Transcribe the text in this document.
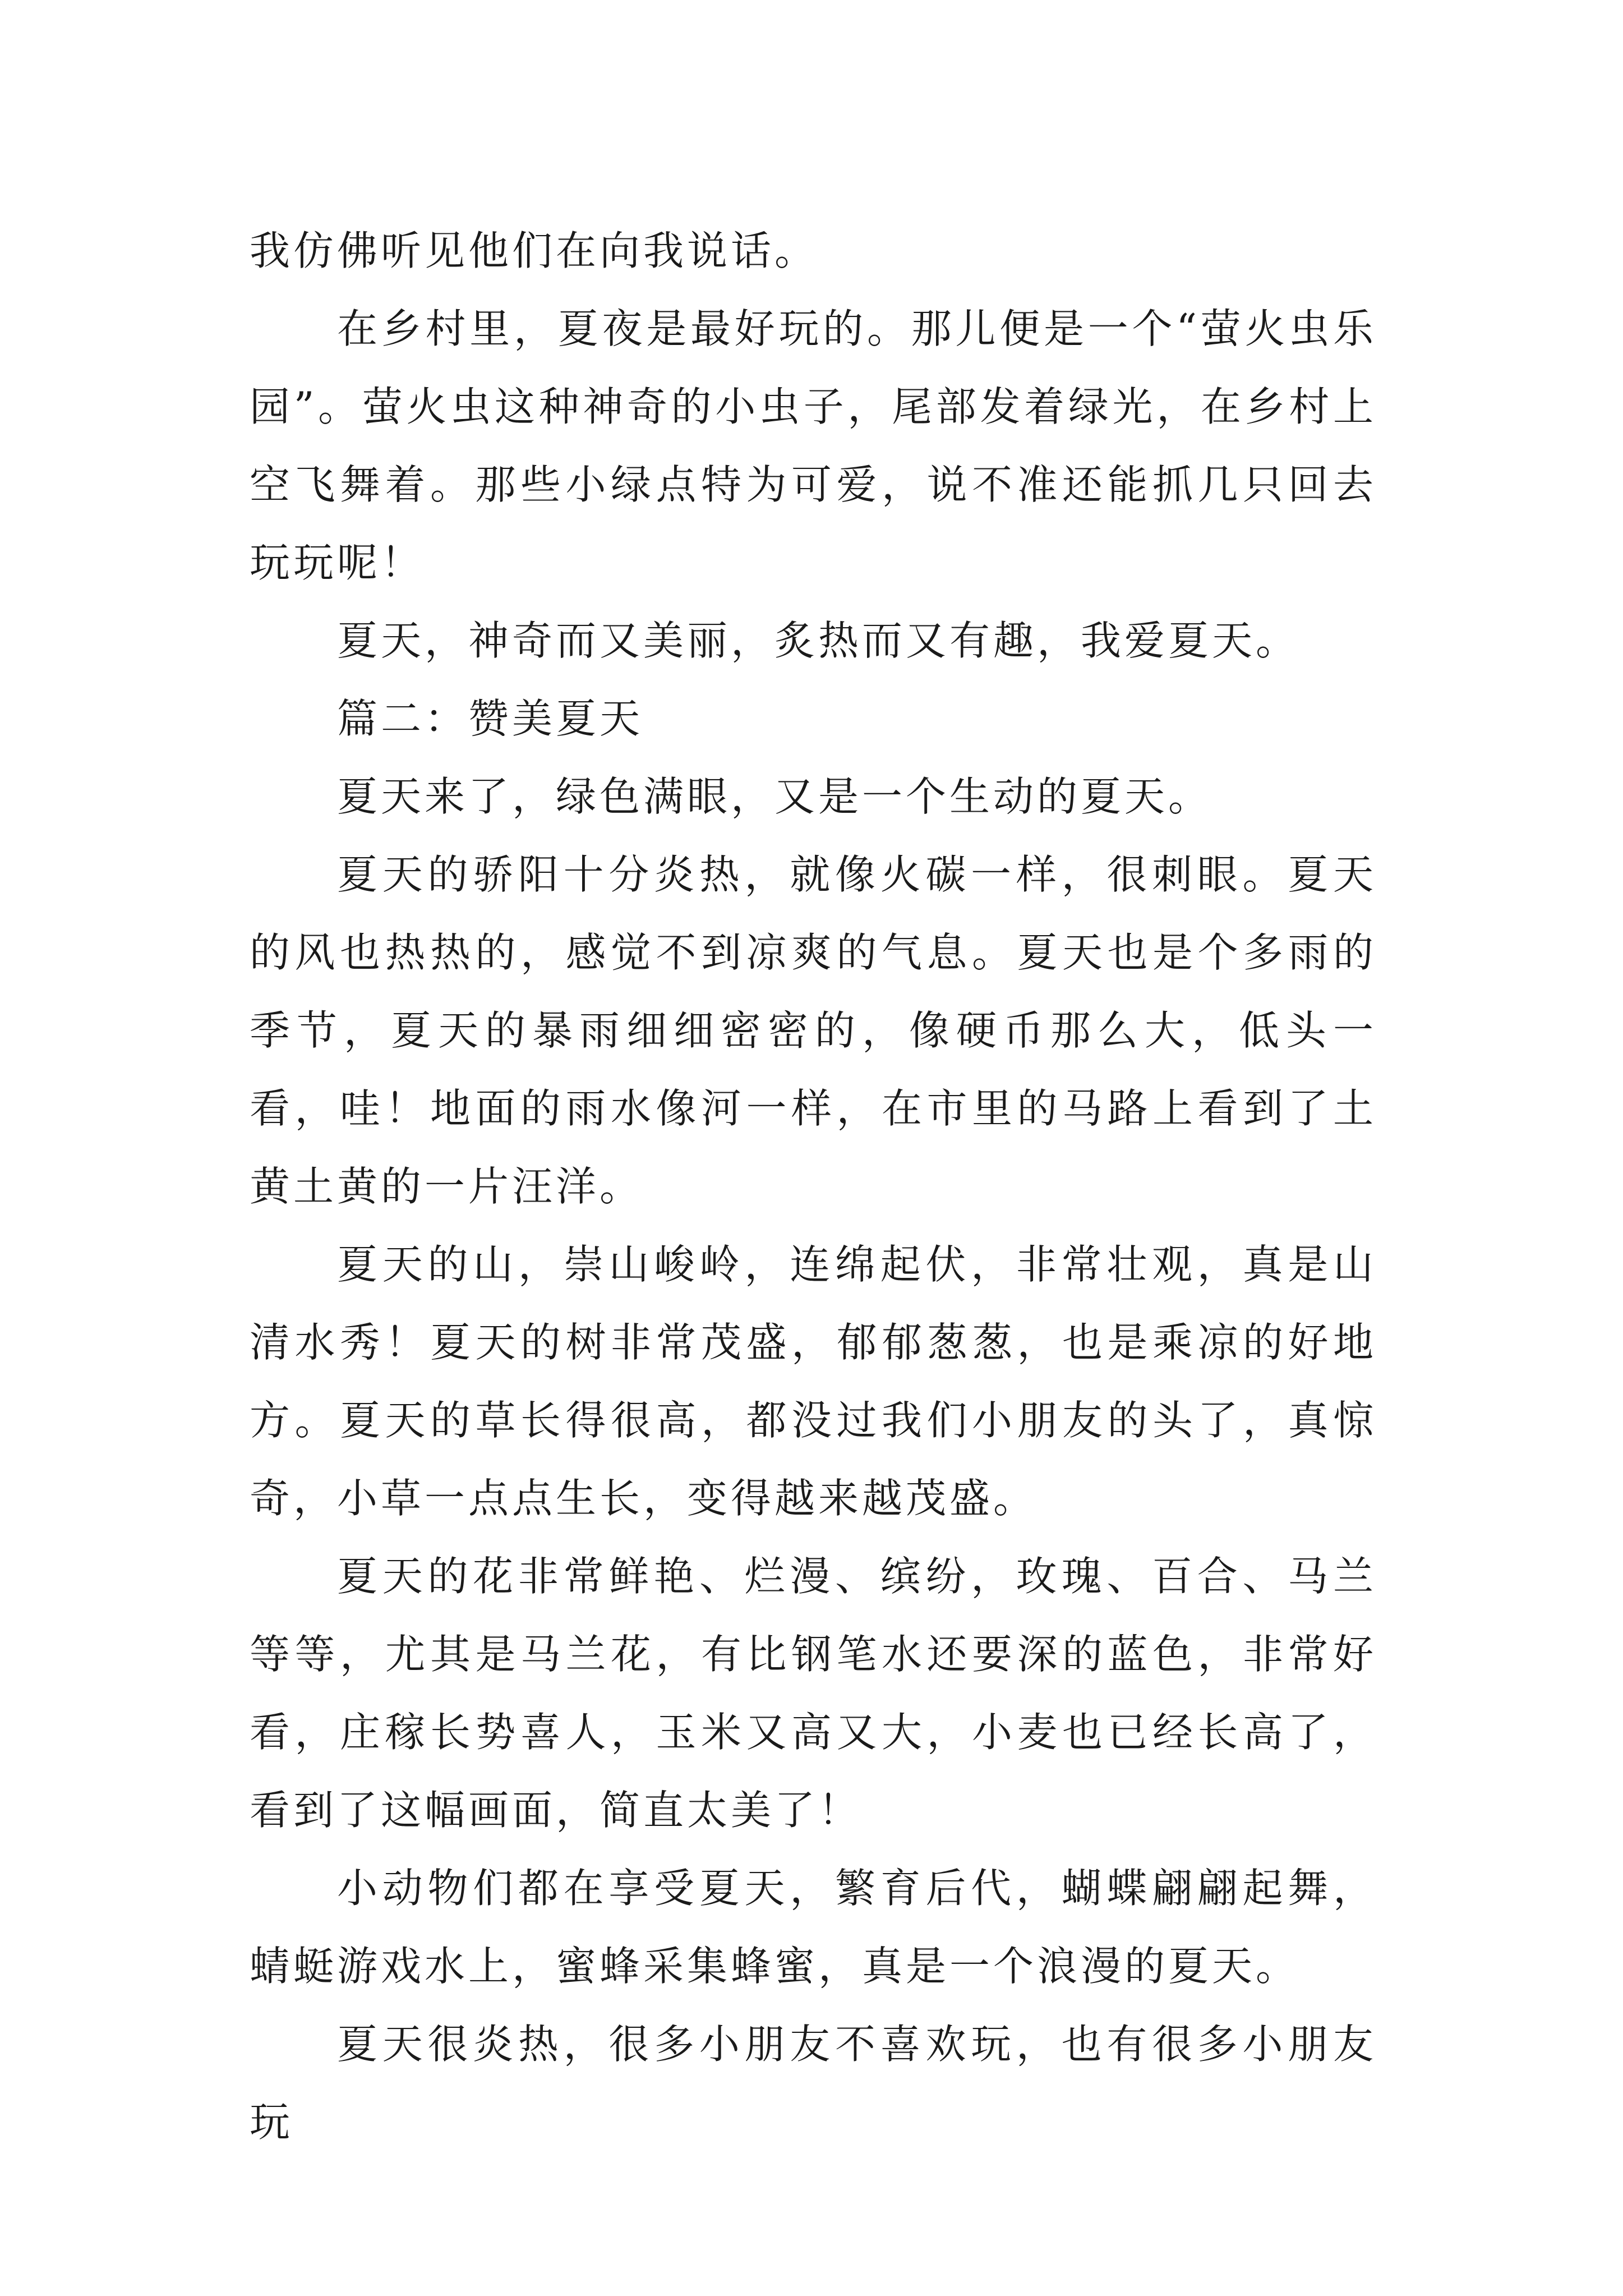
我仿佛听见他们在向我说话。

在乡村里，夏夜是最好玩的。那儿便是一个“萤火虫乐园”。萤火虫这种神奇的小虫子，尾部发着绿光，在乡村上空飞舞着。那些小绿点特为可爱，说不准还能抓几只回去玩玩呢！

夏天，神奇而又美丽，炙热而又有趣，我爱夏天。

篇二：赞美夏天

夏天来了，绿色满眼，又是一个生动的夏天。

夏天的骄阳十分炎热，就像火碳一样，很刺眼。夏天的风也热热的，感觉不到凉爽的气息。夏天也是个多雨的季节，夏天的暴雨细细密密的，像硬币那么大，低头一看，哇！地面的雨水像河一样，在市里的马路上看到了土黄土黄的一片汪洋。

夏天的山，崇山峻岭，连绵起伏，非常壮观，真是山清水秀！夏天的树非常茂盛，郁郁葱葱，也是乘凉的好地方。夏天的草长得很高，都没过我们小朋友的头了，真惊奇，小草一点点生长，变得越来越茂盛。

夏天的花非常鲜艳、烂漫、缤纷，玫瑰、百合、马兰等等，尤其是马兰花，有比钢笔水还要深的蓝色，非常好看，庄稼长势喜人，玉米又高又大，小麦也已经长高了，看到了这幅画面，简直太美了！

小动物们都在享受夏天，繁育后代，蝴蝶翩翩起舞，蜻蜓游戏水上，蜜蜂采集蜂蜜，真是一个浪漫的夏天。

夏天很炎热，很多小朋友不喜欢玩，也有很多小朋友玩
